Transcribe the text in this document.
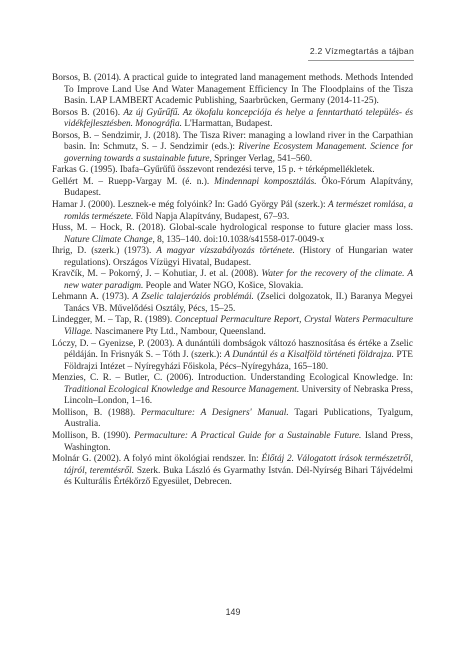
2.2 Vízmegtartás a tájban
Borsos, B. (2014). A practical guide to integrated land management methods. Methods Intended To Improve Land Use And Water Management Efficiency In The Floodplains of the Tisza Basin. LAP LAMBERT Academic Publishing, Saarbrücken, Germany (2014-11-25).
Borsos B. (2016). Az új Gyűrűfű. Az ökofalu koncepciója és helye a fenntartható település- és vidékfejlesztésben. Monográfia. L'Harmattan, Budapest.
Borsos, B. – Sendzimir, J. (2018). The Tisza River: managing a lowland river in the Carpathian basin. In: Schmutz, S. – J. Sendzimir (eds.): Riverine Ecosystem Management. Science for governing towards a sustainable future, Springer Verlag, 541–560.
Farkas G. (1995). Ibafa–Gyűrűfű összevont rendezési terve, 15 p. + térképmellékletek.
Gellért M. – Ruepp-Vargay M. (é. n.). Mindennapi komposztálás. Öko-Fórum Alapítvány, Budapest.
Hamar J. (2000). Lesznek-e még folyóink? In: Gadó György Pál (szerk.): A természet romlása, a romlás természete. Föld Napja Alapítvány, Budapest, 67–93.
Huss, M. – Hock, R. (2018). Global-scale hydrological response to future glacier mass loss. Nature Climate Change, 8, 135–140. doi:10.1038/s41558-017-0049-x
Ihrig, D. (szerk.) (1973). A magyar vízszabályozás története. (History of Hungarian water regulations). Országos Vízügyi Hivatal, Budapest.
Kravčík, M. – Pokorný, J. – Kohutiar, J. et al. (2008). Water for the recovery of the climate. A new water paradigm. People and Water NGO, Košice, Slovakia.
Lehmann A. (1973). A Zselic talajeróziós problémái. (Zselici dolgozatok, II.) Baranya Megyei Tanács VB. Művelődési Osztály, Pécs, 15–25.
Lindegger, M. – Tap, R. (1989). Conceptual Permaculture Report, Crystal Waters Permaculture Village. Nascimanere Pty Ltd., Nambour, Queensland.
Lóczy, D. – Gyenizse, P. (2003). A dunántúli dombságok változó hasznosítása és értéke a Zselic példáján. In Frisnyák S. – Tóth J. (szerk.): A Dunántúl és a Kisalföld történeti földrajza. PTE Földrajzi Intézet – Nyíregyházi Főiskola, Pécs–Nyíregyháza, 165–180.
Menzies, C. R. – Butler, C. (2006). Introduction. Understanding Ecological Knowledge. In: Traditional Ecological Knowledge and Resource Management. University of Nebraska Press, Lincoln–London, 1–16.
Mollison, B. (1988). Permaculture: A Designers' Manual. Tagari Publications, Tyalgum, Australia.
Mollison, B. (1990). Permaculture: A Practical Guide for a Sustainable Future. Island Press, Washington.
Molnár G. (2002). A folyó mint ökológiai rendszer. In: Élőtáj 2. Válogatott írások természetről, tájról, teremtésről. Szerk. Buka László és Gyarmathy István. Dél-Nyírség Bihari Tájvédelmi és Kulturális Értékőrző Egyesület, Debrecen.
149
